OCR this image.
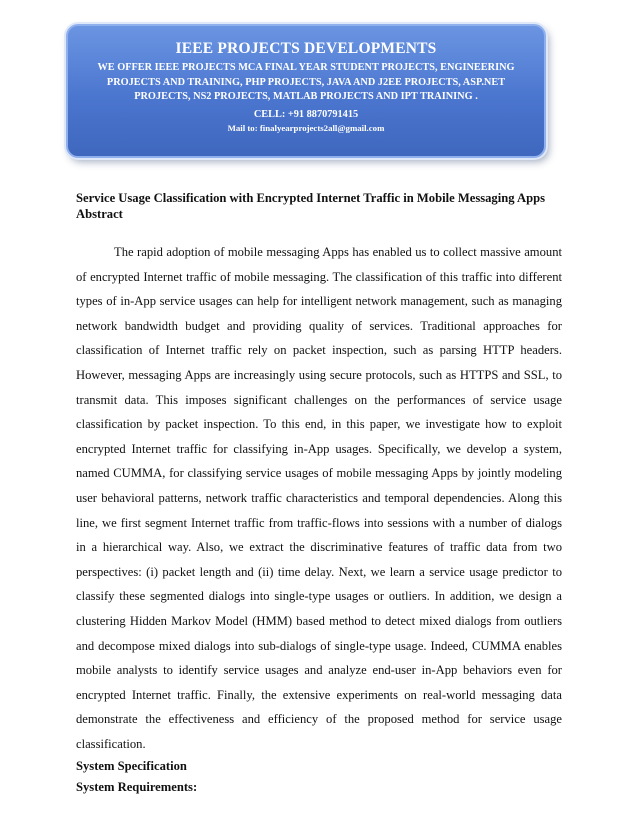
IEEE PROJECTS DEVELOPMENTS
WE OFFER IEEE PROJECTS MCA FINAL YEAR STUDENT PROJECTS, ENGINEERING PROJECTS AND TRAINING, PHP PROJECTS, JAVA AND J2EE PROJECTS, ASP.NET PROJECTS, NS2 PROJECTS, MATLAB PROJECTS AND IPT TRAINING .
CELL: +91 8870791415
Mail to: finalyearprojects2all@gmail.com
Service Usage Classification with Encrypted Internet Traffic in Mobile Messaging Apps
Abstract
The rapid adoption of mobile messaging Apps has enabled us to collect massive amount of encrypted Internet traffic of mobile messaging. The classification of this traffic into different types of in-App service usages can help for intelligent network management, such as managing network bandwidth budget and providing quality of services. Traditional approaches for classification of Internet traffic rely on packet inspection, such as parsing HTTP headers. However, messaging Apps are increasingly using secure protocols, such as HTTPS and SSL, to transmit data. This imposes significant challenges on the performances of service usage classification by packet inspection. To this end, in this paper, we investigate how to exploit encrypted Internet traffic for classifying in-App usages. Specifically, we develop a system, named CUMMA, for classifying service usages of mobile messaging Apps by jointly modeling user behavioral patterns, network traffic characteristics and temporal dependencies. Along this line, we first segment Internet traffic from traffic-flows into sessions with a number of dialogs in a hierarchical way. Also, we extract the discriminative features of traffic data from two perspectives: (i) packet length and (ii) time delay. Next, we learn a service usage predictor to classify these segmented dialogs into single-type usages or outliers. In addition, we design a clustering Hidden Markov Model (HMM) based method to detect mixed dialogs from outliers and decompose mixed dialogs into sub-dialogs of single-type usage. Indeed, CUMMA enables mobile analysts to identify service usages and analyze end-user in-App behaviors even for encrypted Internet traffic. Finally, the extensive experiments on real-world messaging data demonstrate the effectiveness and efficiency of the proposed method for service usage classification.
System Specification
System Requirements:
